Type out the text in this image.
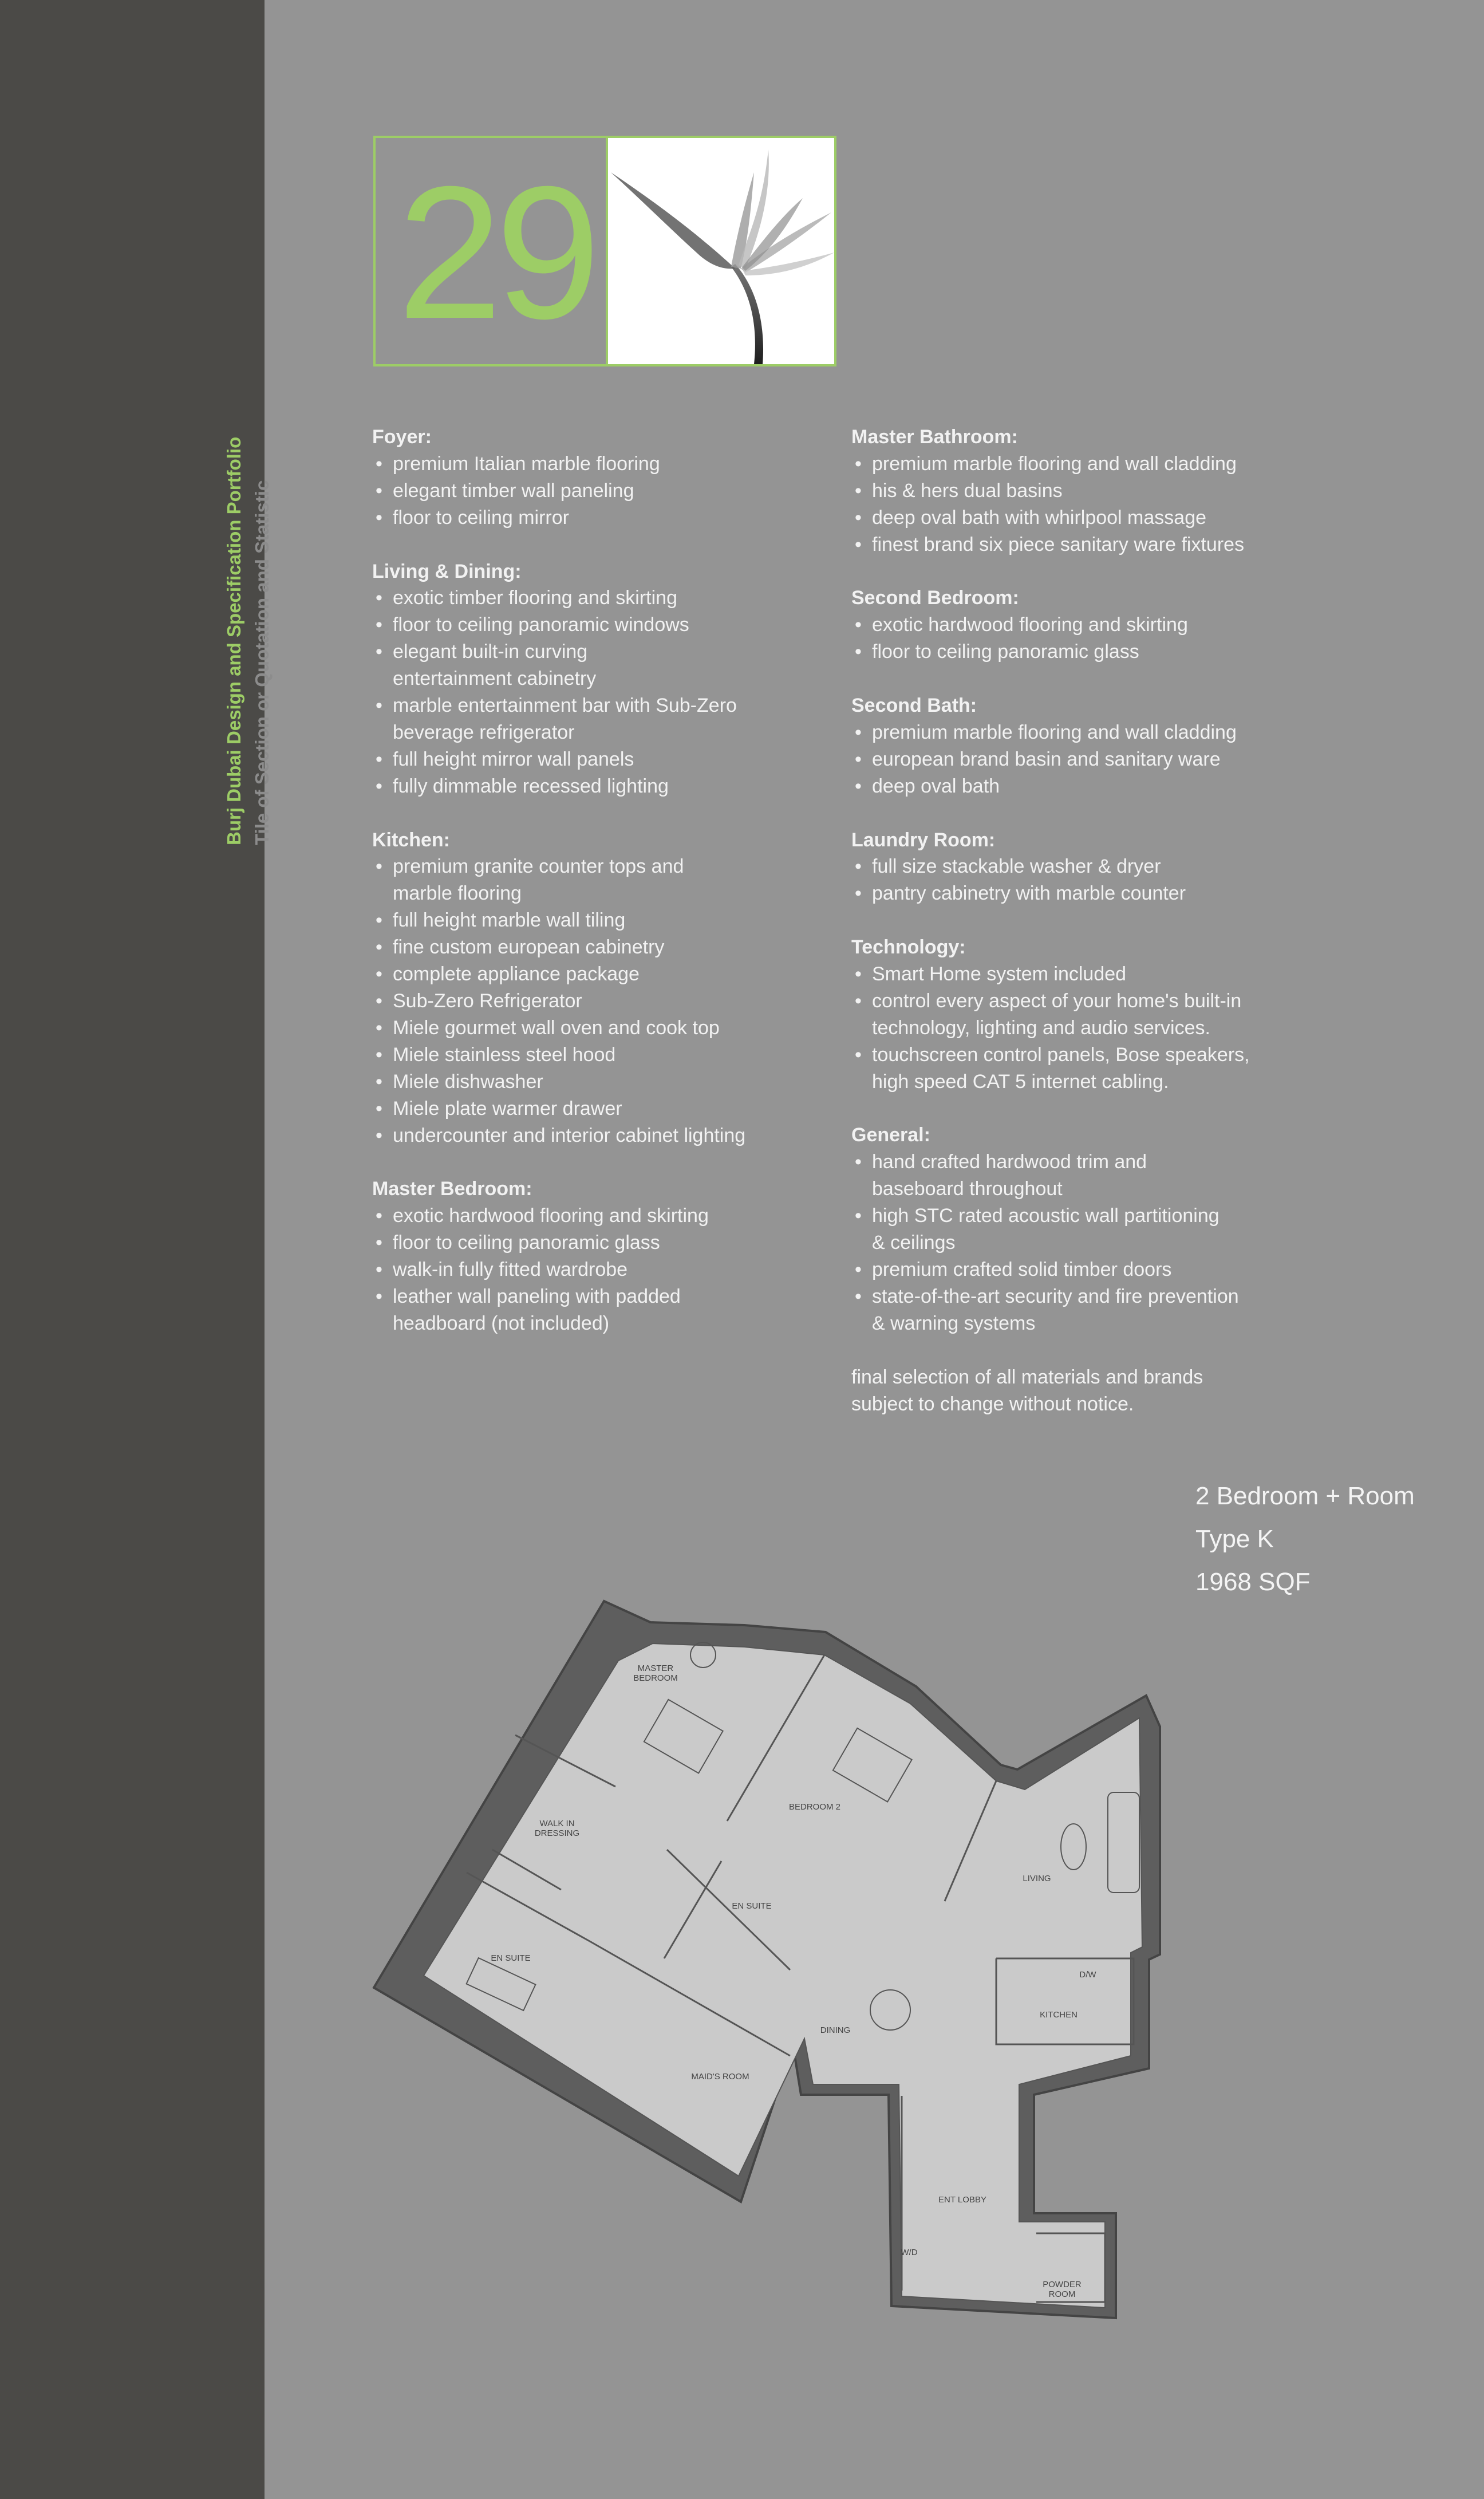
Burj Dubai Design and Specification Portfolio Tile of Section or Quotation and Statistic
29
Foyer:
• premium Italian marble flooring
• elegant timber wall paneling
• floor to ceiling mirror
Living & Dining:
• exotic timber flooring and skirting
• floor to ceiling panoramic windows
• elegant built-in curving
entertainment cabinetry
• marble entertainment bar with Sub-Zero
beverage refrigerator
• full height mirror wall panels
• fully dimmable recessed lighting
Kitchen:
• premium granite counter tops and
marble flooring
• full height marble wall tiling
• fine custom european cabinetry
• complete appliance package
• Sub-Zero Refrigerator
• Miele gourmet wall oven and cook top
• Miele stainless steel hood
• Miele dishwasher
• Miele plate warmer drawer
• undercounter and interior cabinet lighting
Master Bedroom:
• exotic hardwood flooring and skirting
• floor to ceiling panoramic glass
• walk-in fully fitted wardrobe
• leather wall paneling with padded
headboard (not included)
Master Bathroom:
• premium marble flooring and wall cladding
• his & hers dual basins
• deep oval bath with whirlpool massage
• finest brand six piece sanitary ware fixtures
Second Bedroom:
• exotic hardwood flooring and skirting
• floor to ceiling panoramic glass
Second Bath:
• premium marble flooring and wall cladding
• european brand basin and sanitary ware
• deep oval bath
Laundry Room:
• full size stackable washer & dryer
• pantry cabinetry with marble counter
Technology:
• Smart Home system included
• control every aspect of your home's built-in
technology, lighting and audio services.
• touchscreen control panels, Bose speakers,
high speed CAT 5 internet cabling.
General:
• hand crafted hardwood trim and
baseboard throughout
• high STC rated acoustic wall partitioning
& ceilings
• premium crafted solid timber doors
• state-of-the-art security and fire prevention
& warning systems
final selection of all materials and brands
subject to change without notice.
2 Bedroom + Room
Type K
1968 SQF
MASTER BEDROOM
WALK IN DRESSING
BEDROOM 2
EN SUITE
LIVING
EN SUITE
D/W
KITCHEN
DINING
MAID'S ROOM
ENT LOBBY
W/D
POWDER ROOM
